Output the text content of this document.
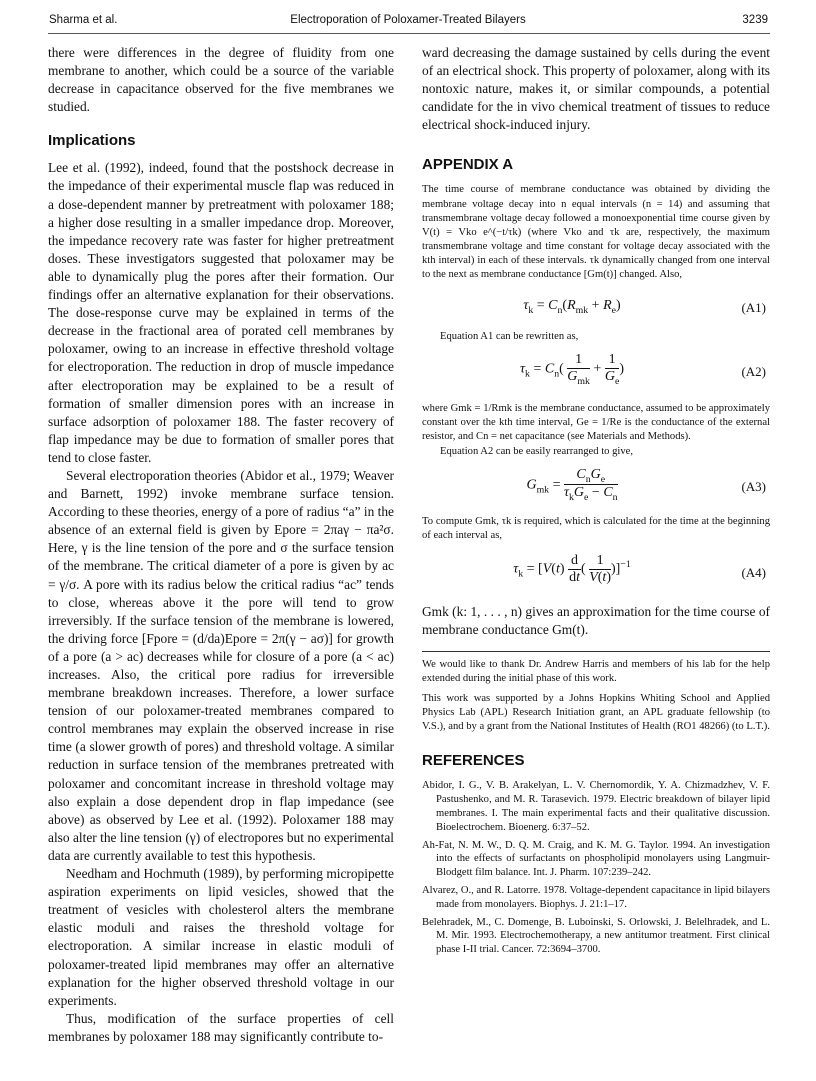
Sharma et al.	Electroporation of Poloxamer-Treated Bilayers	3239

there were differences in the degree of fluidity from one membrane to another, which could be a source of the variable decrease in capacitance observed for the five membranes we studied.

Implications

Lee et al. (1992), indeed, found that the postshock decrease in the impedance of their experimental muscle flap was reduced in a dose-dependent manner by pretreatment with poloxamer 188; a higher dose resulting in a smaller impedance drop. Moreover, the impedance recovery rate was faster for higher pretreatment doses. These investigators suggested that poloxamer may be able to dynamically plug the pores after their formation. Our findings offer an alternative explanation for their observations. The dose-response curve may be explained in terms of the decrease in the fractional area of porated cell membranes by poloxamer, owing to an increase in effective threshold voltage for electroporation. The reduction in drop of muscle impedance after electroporation may be explained to be a result of formation of smaller dimension pores with an increase in surface adsorption of poloxamer 188. The faster recovery of flap impedance may be due to formation of smaller pores that tend to close faster.

Several electroporation theories (Abidor et al., 1979; Weaver and Barnett, 1992) invoke membrane surface tension. According to these theories, energy of a pore of radius “a” in the absence of an external field is given by Epore = 2πaγ − πa²σ. Here, γ is the line tension of the pore and σ the surface tension of the membrane. The critical diameter of a pore is given by ac = γ/σ. A pore with its radius below the critical radius “ac” tends to close, whereas above it the pore will tend to grow irreversibly. If the surface tension of the membrane is lowered, the driving force [Fpore = (d/da)Epore = 2π(γ − aσ)] for growth of a pore (a > ac) decreases while for closure of a pore (a < ac) increases. Also, the critical pore radius for irreversible membrane breakdown increases. Therefore, a lower surface tension of our poloxamer-treated membranes compared to control membranes may explain the observed increase in rise time (a slower growth of pores) and threshold voltage. A similar reduction in surface tension of the membranes pretreated with poloxamer and concomitant increase in threshold voltage may also explain a dose dependent drop in flap impedance (see above) as observed by Lee et al. (1992). Poloxamer 188 may also alter the line tension (γ) of electropores but no experimental data are currently available to test this hypothesis.

Needham and Hochmuth (1989), by performing micropipette aspiration experiments on lipid vesicles, showed that the treatment of vesicles with cholesterol alters the membrane elastic moduli and raises the threshold voltage for electroporation. A similar increase in elastic moduli of poloxamer-treated lipid membranes may offer an alternative explanation for the higher observed threshold voltage in our experiments.

Thus, modification of the surface properties of cell membranes by poloxamer 188 may significantly contribute to-

ward decreasing the damage sustained by cells during the event of an electrical shock. This property of poloxamer, along with its nontoxic nature, makes it, or similar compounds, a potential candidate for the in vivo chemical treatment of tissues to reduce electrical shock-induced injury.

APPENDIX A

The time course of membrane conductance was obtained by dividing the membrane voltage decay into n equal intervals (n = 14) and assuming that transmembrane voltage decay followed a monoexponential time course given by V(t) = Vko e^(−t/τk) (where Vko and τk are, respectively, the maximum transmembrane voltage and time constant for voltage decay associated with the kth interval) in each of these intervals. τk dynamically changed from one interval to the next as membrane conductance [Gm(t)] changed. Also,

$\tau_k = C_n(R_{mk} + R_e)$	(A1)

Equation A1 can be rewritten as,

$\tau_k = C_n( \frac{1}{G_{mk}} + \frac{1}{G_e}$ )	(A2)

where Gmk = 1/Rmk is the membrane conductance, assumed to be approximately constant over the kth time interval, Ge = 1/Re is the conductance of the external resistor, and Cn = net capacitance (see Materials and Methods).

Equation A2 can be easily rearranged to give,

$G_{mk} = \frac{C_nG_e}{\tau_kG_e - C_n}$	(A3)

To compute Gmk, τk is required, which is calculated for the time at the beginning of each interval as,

$\tau_k = [V(t) \frac{d}{dt}$ ( $\frac{1}{V(t)} )]^{-1}$
(A4)

Gmk (k: 1, . . . , n) gives an approximation for the time course of membrane conductance Gm(t).

We would like to thank Dr. Andrew Harris and members of his lab for the help extended during the initial phase of this work.

This work was supported by a Johns Hopkins Whiting School and Applied Physics Lab (APL) Research Initiation grant, an APL graduate fellowship (to V.S.), and by a grant from the National Institutes of Health (RO1 48266) (to L.T.).

REFERENCES

Abidor, I. G., V. B. Arakelyan, L. V. Chernomordik, Y. A. Chizmadzhev, V. F. Pastushenko, and M. R. Tarasevich. 1979. Electric breakdown of bilayer lipid membranes. I. The main experimental facts and their qualitative discussion. Bioelectrochem. Bioenerg. 6:37–52.

Ah-Fat, N. M. W., D. Q. M. Craig, and K. M. G. Taylor. 1994. An investigation into the effects of surfactants on phospholipid monolayers using Langmuir-Blodgett film balance. Int. J. Pharm. 107:239–242.

Alvarez, O., and R. Latorre. 1978. Voltage-dependent capacitance in lipid bilayers made from monolayers. Biophys. J. 21:1–17.

Belehradek, M., C. Domenge, B. Luboinski, S. Orlowski, J. Belelhradek, and L. M. Mir. 1993. Electrochemotherapy, a new antitumor treatment. First clinical phase I-II trial. Cancer. 72:3694–3700.
